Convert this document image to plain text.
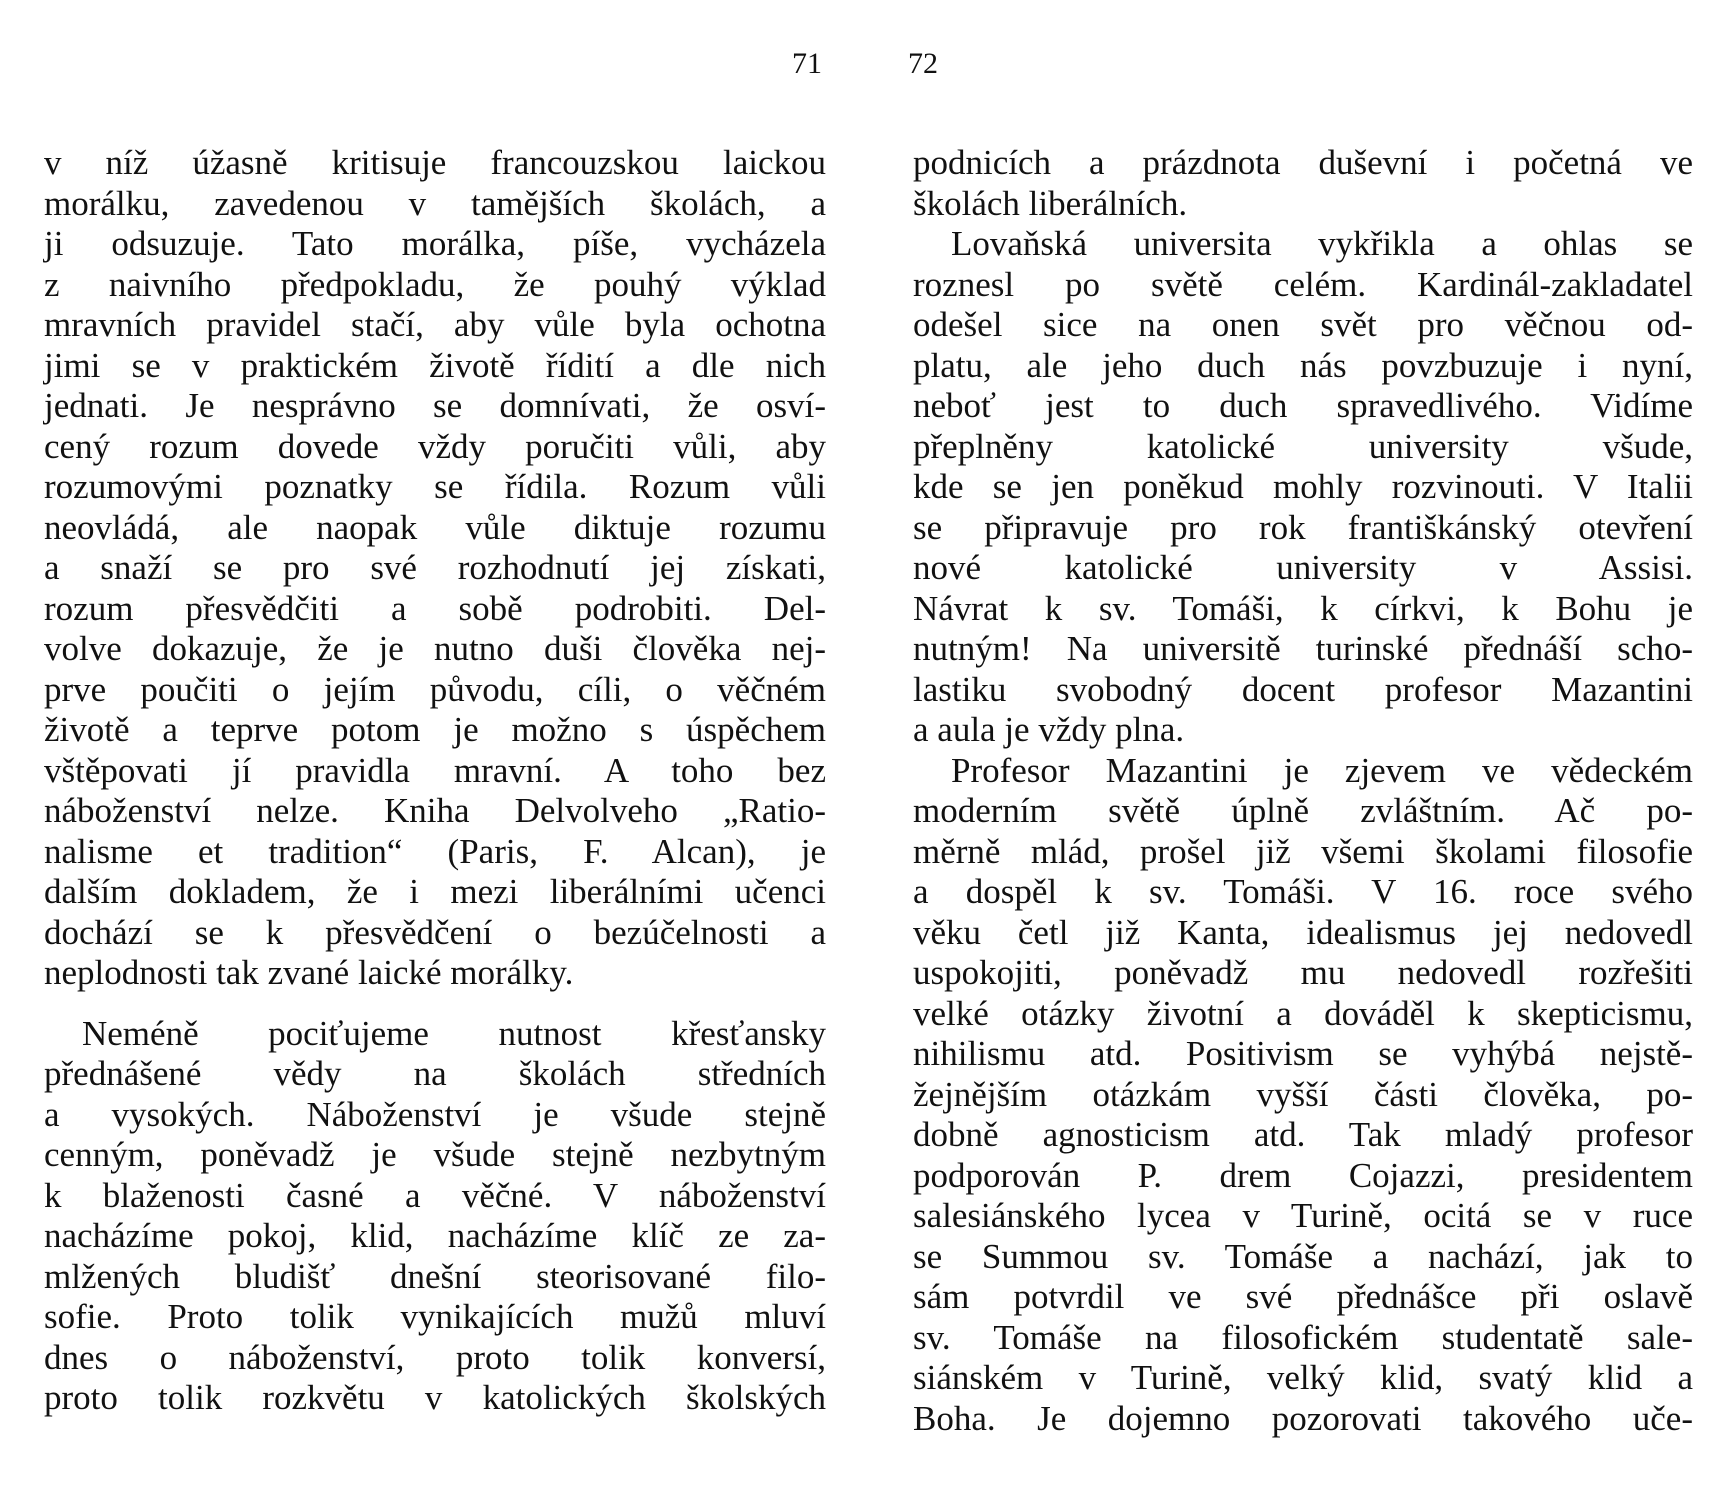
71	72
v níž úžasně kritisuje francouzskou laickou
morálku, zavedenou v tamějších školách, a
ji odsuzuje. Tato morálka, píše, vycházela
z naivního předpokladu, že pouhý výklad
mravních pravidel stačí, aby vůle byla ochotna
jimi se v praktickém životě řídití a dle nich
jednati. Je nesprávno se domnívati, že osví-
cený rozum dovede vždy poručiti vůli, aby
rozumovými poznatky se řídila. Rozum vůli
neovládá, ale naopak vůle diktuje rozumu
a snaží se pro své rozhodnutí jej získati,
rozum přesvědčiti a sobě podrobiti. Del-
volve dokazuje, že je nutno duši člověka nej-
prve poučiti o jejím původu, cíli, o věčném
životě a teprve potom je možno s úspěchem
vštěpovati jí pravidla mravní. A toho bez
náboženství nelze. Kniha Delvolveho „Ratio-
nalisme et tradition“ (Paris, F. Alcan), je
dalším dokladem, že i mezi liberálními učenci
dochází se k přesvědčení o bezúčelnosti a
neplodnosti tak zvané laické morálky.
Neméně pociťujeme nutnost křesťansky
přednášené vědy na školách středních
a vysokých. Náboženství je všude stejně
cenným, poněvadž je všude stejně nezbytným
k blaženosti časné a věčné. V náboženství
nacházíme pokoj, klid, nacházíme klíč ze za-
mlžených bludišť dnešní steorisované filo-
sofie. Proto tolik vynikajících mužů mluví
dnes o náboženství, proto tolik konversí,
proto tolik rozkvětu v katolických školských
podnicích a prázdnota duševní i početná ve
školách liberálních.
Lovaňská universita vykřikla a ohlas se
roznesl po světě celém. Kardinál-zakladatel
odešel sice na onen svět pro věčnou od-
platu, ale jeho duch nás povzbuzuje i nyní,
neboť jest to duch spravedlivého. Vidíme
přeplněny katolické university všude,
kde se jen poněkud mohly rozvinouti. V Italii
se připravuje pro rok františkánský otevření
nové katolické university v Assisi.
Návrat k sv. Tomáši, k církvi, k Bohu je
nutným! Na universitě turinské přednáší scho-
lastiku svobodný docent profesor Mazantini
a aula je vždy plna.
Profesor Mazantini je zjevem ve vědeckém
moderním světě úplně zvláštním. Ač po-
měrně mlád, prošel již všemi školami filosofie
a dospěl k sv. Tomáši. V 16. roce svého
věku četl již Kanta, idealismus jej nedovedl
uspokojiti, poněvadž mu nedovedl rozřešiti
velké otázky životní a dováděl k skepticismu,
nihilismu atd. Positivism se vyhýbá nejstě-
žejnějším otázkám vyšší části člověka, po-
dobně agnosticism atd. Tak mladý profesor
podporován P. drem Cojazzi, presidentem
salesiánského lycea v Turině, ocitá se v ruce
se Summou sv. Tomáše a nachází, jak to
sám potvrdil ve své přednášce při oslavě
sv. Tomáše na filosofickém studentatě sale-
siánském v Turině, velký klid, svatý klid a
Boha. Je dojemno pozorovati takového uče-
